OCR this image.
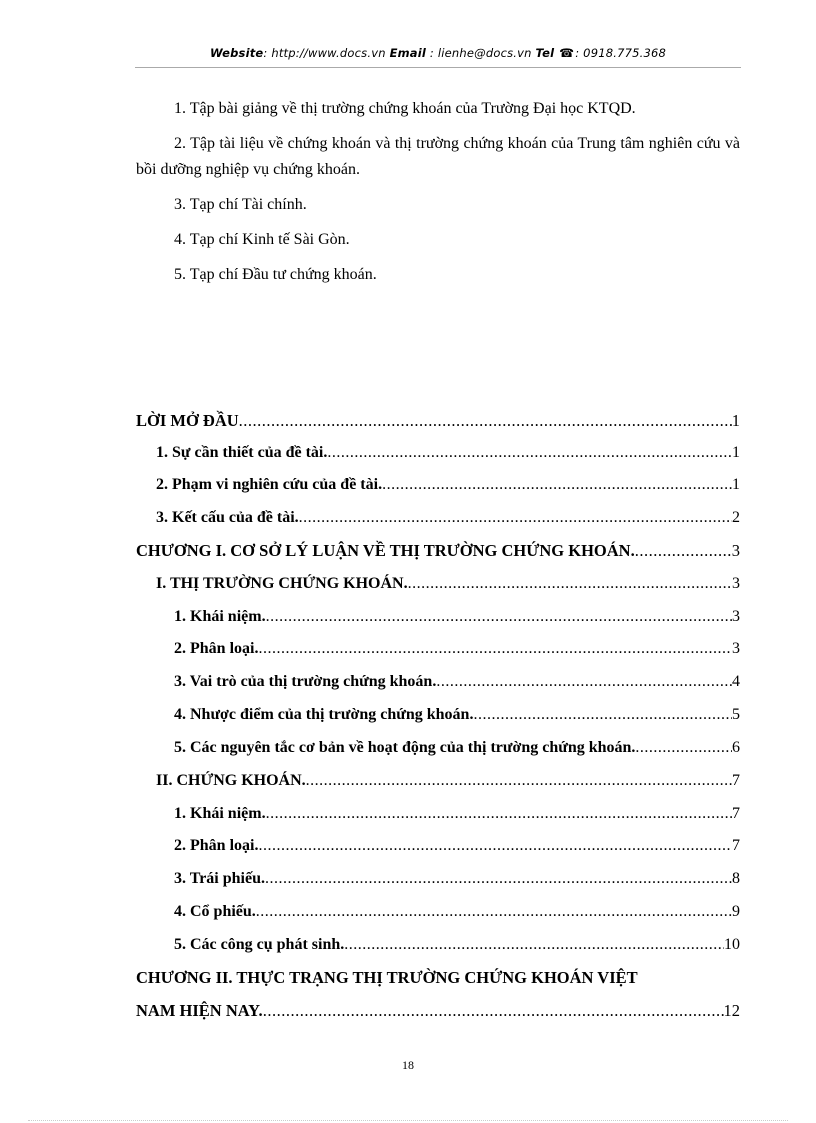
Website: http://www.docs.vn Email : lienhe@docs.vn Tel ☎: 0918.775.368

1. Tập bài giảng về thị trường chứng khoán của Trường Đại học KTQD.

2. Tập tài liệu về chứng khoán và thị trường chứng khoán của Trung tâm nghiên cứu và bồi dưỡng nghiệp vụ chứng khoán.

3. Tạp chí Tài chính.

4. Tạp chí Kinh tế Sài Gòn.

5. Tạp chí Đầu tư chứng khoán.

LỜI MỞ ĐẦU .....	1
1. Sự cần thiết của đề tài. .....	1
2. Phạm vi nghiên cứu của đề tài. .....	1
3. Kết cấu của đề tài. .....	2
CHƯƠNG I. CƠ SỞ LÝ LUẬN VỀ THỊ TRƯỜNG CHỨNG KHOÁN. .....	3
I. THỊ TRƯỜNG CHỨNG KHOÁN. .....	3
1. Khái niệm. .....	3
2. Phân loại. .....	3
3. Vai trò của thị trường chứng khoán. .....	4
4. Nhược điểm của thị trường chứng khoán. .....	5
5. Các nguyên tắc cơ bản về hoạt động của thị trường chứng khoán. .....	6
II. CHỨNG KHOÁN. .....	7
1. Khái niệm. .....	7
2. Phân loại. .....	7
3. Trái phiếu. .....	8
4. Cổ phiếu. .....	9
5. Các công cụ phát sinh. .....	10
CHƯƠNG II. THỰC TRẠNG THỊ TRƯỜNG CHỨNG KHOÁN VIỆT
NAM HIỆN NAY. .....	12
18
